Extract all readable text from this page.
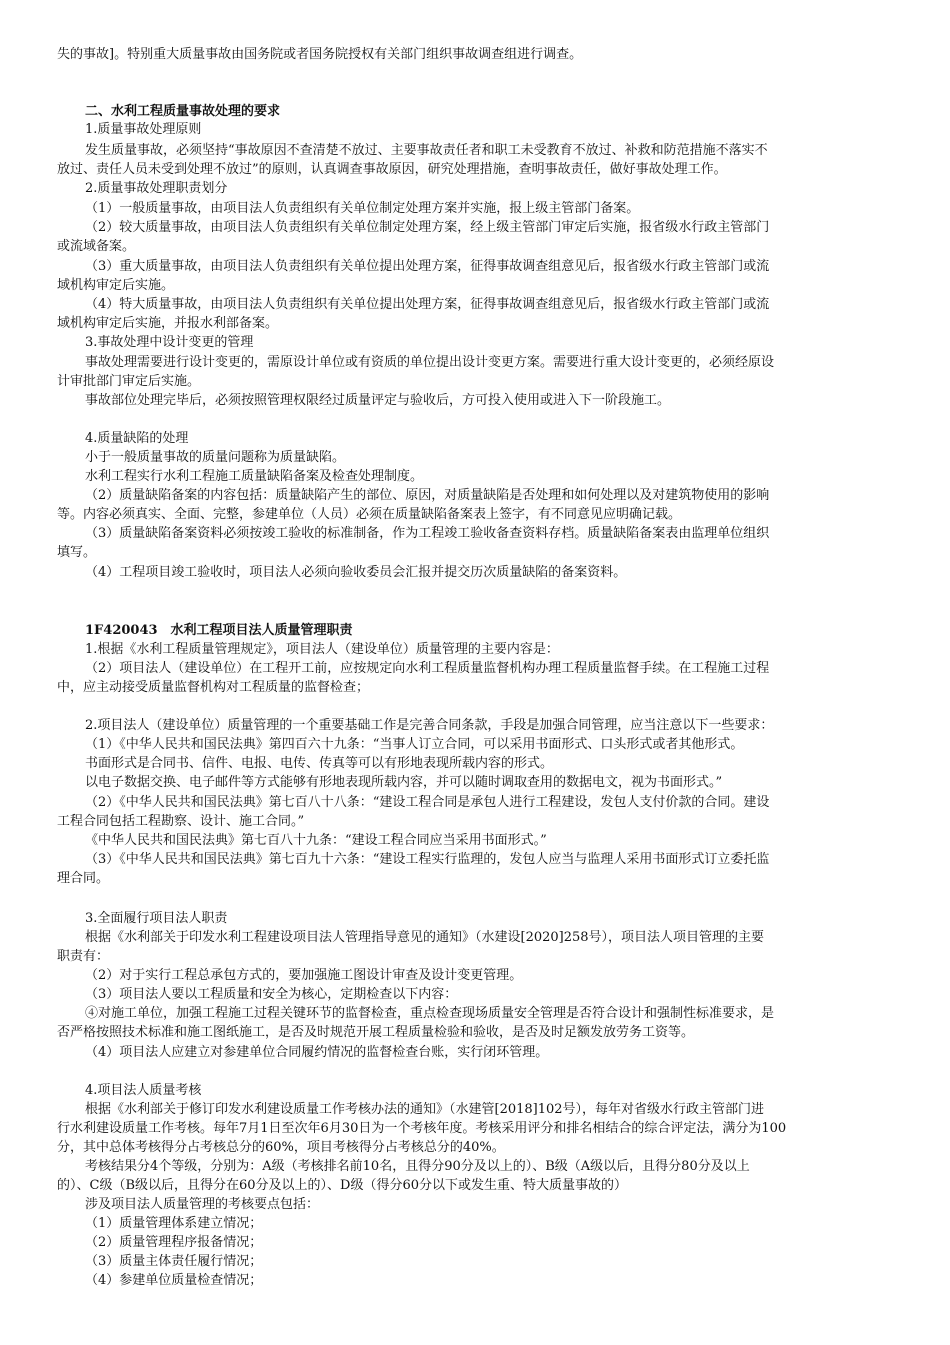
失的事故]。特别重大质量事故由国务院或者国务院授权有关部门组织事故调查组进行调查。
二、水利工程质量事故处理的要求
1.质量事故处理原则
发生质量事故，必须坚持“事故原因不查清楚不放过、主要事故责任者和职工未受教育不放过、补救和防范措施不落实不
放过、责任人员未受到处理不放过”的原则，认真调查事故原因，研究处理措施，查明事故责任，做好事故处理工作。
2.质量事故处理职责划分
（1）一般质量事故，由项目法人负责组织有关单位制定处理方案并实施，报上级主管部门备案。
（2）较大质量事故，由项目法人负责组织有关单位制定处理方案，经上级主管部门审定后实施，报省级水行政主管部门
或流域备案。
（3）重大质量事故，由项目法人负责组织有关单位提出处理方案，征得事故调查组意见后，报省级水行政主管部门或流
域机构审定后实施。
（4）特大质量事故，由项目法人负责组织有关单位提出处理方案，征得事故调查组意见后，报省级水行政主管部门或流
域机构审定后实施，并报水利部备案。
3.事故处理中设计变更的管理
事故处理需要进行设计变更的，需原设计单位或有资质的单位提出设计变更方案。需要进行重大设计变更的，必须经原设
计审批部门审定后实施。
事故部位处理完毕后，必须按照管理权限经过质量评定与验收后，方可投入使用或进入下一阶段施工。
4.质量缺陷的处理
小于一般质量事故的质量问题称为质量缺陷。
水利工程实行水利工程施工质量缺陷备案及检查处理制度。
（2）质量缺陷备案的内容包括：质量缺陷产生的部位、原因，对质量缺陷是否处理和如何处理以及对建筑物使用的影响
等。内容必须真实、全面、完整，参建单位（人员）必须在质量缺陷备案表上签字，有不同意见应明确记载。
（3）质量缺陷备案资料必须按竣工验收的标准制备，作为工程竣工验收备查资料存档。质量缺陷备案表由监理单位组织
填写。
（4）工程项目竣工验收时，项目法人必须向验收委员会汇报并提交历次质量缺陷的备案资料。
1F420043　水利工程项目法人质量管理职责
1.根据《水利工程质量管理规定》，项目法人（建设单位）质量管理的主要内容是：
（2）项目法人（建设单位）在工程开工前，应按规定向水利工程质量监督机构办理工程质量监督手续。在工程施工过程
中，应主动接受质量监督机构对工程质量的监督检查；
2.项目法人（建设单位）质量管理的一个重要基础工作是完善合同条款，手段是加强合同管理，应当注意以下一些要求：
（1）《中华人民共和国民法典》第四百六十九条：“当事人订立合同，可以采用书面形式、口头形式或者其他形式。
书面形式是合同书、信件、电报、电传、传真等可以有形地表现所载内容的形式。
以电子数据交换、电子邮件等方式能够有形地表现所载内容，并可以随时调取查用的数据电文，视为书面形式。”
（2）《中华人民共和国民法典》第七百八十八条：“建设工程合同是承包人进行工程建设，发包人支付价款的合同。建设
工程合同包括工程勘察、设计、施工合同。”
《中华人民共和国民法典》第七百八十九条：“建设工程合同应当采用书面形式。”
（3）《中华人民共和国民法典》第七百九十六条：“建设工程实行监理的，发包人应当与监理人采用书面形式订立委托监
理合同。
3.全面履行项目法人职责
根据《水利部关于印发水利工程建设项目法人管理指导意见的通知》（水建设[2020]258号），项目法人项目管理的主要
职责有：
（2）对于实行工程总承包方式的，要加强施工图设计审查及设计变更管理。
（3）项目法人要以工程质量和安全为核心，定期检查以下内容：
④对施工单位，加强工程施工过程关键环节的监督检查，重点检查现场质量安全管理是否符合设计和强制性标准要求，是
否严格按照技术标准和施工图纸施工，是否及时规范开展工程质量检验和验收，是否及时足额发放劳务工资等。
（4）项目法人应建立对参建单位合同履约情况的监督检查台账，实行闭环管理。
4.项目法人质量考核
根据《水利部关于修订印发水利建设质量工作考核办法的通知》（水建管[2018]102号），每年对省级水行政主管部门进
行水利建设质量工作考核。每年7月1日至次年6月30日为一个考核年度。考核采用评分和排名相结合的综合评定法，满分为100
分，其中总体考核得分占考核总分的60%，项目考核得分占考核总分的40%。
考核结果分4个等级，分别为：A级（考核排名前10名，且得分90分及以上的）、B级（A级以后，且得分80分及以上
的）、C级（B级以后，且得分在60分及以上的）、D级（得分60分以下或发生重、特大质量事故的）
涉及项目法人质量管理的考核要点包括：
（1）质量管理体系建立情况；
（2）质量管理程序报备情况；
（3）质量主体责任履行情况；
（4）参建单位质量检查情况；
